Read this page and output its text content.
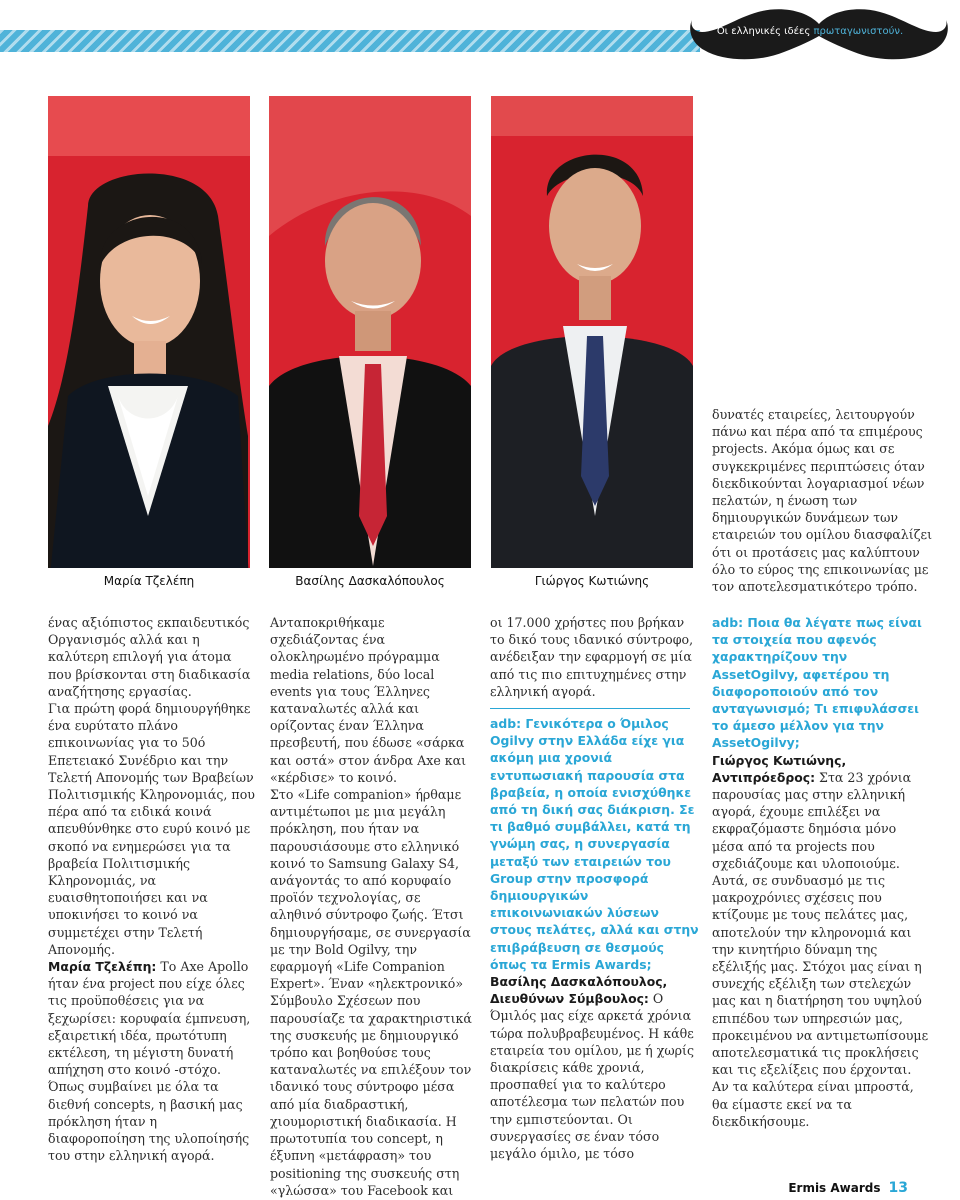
Οι ελληνικές ιδέες πρωταγωνιστούν.
Μαρία Τζελέπη	Βασίλης Δασκαλόπουλος	Γιώργος Κωτιώνης

δυνατές εταιρείες, λειτουργούν πάνω και πέρα από τα επιμέρους projects. Ακόμα όμως και σε συγκεκριμένες περιπτώσεις όταν διεκδικούνται λογαριασμοί νέων πελατών, η ένωση των δημιουργικών δυνάμεων των εταιρειών του ομίλου διασφαλίζει ότι οι προτάσεις μας καλύπτουν όλο το εύρος της επικοινωνίας με τον αποτελεσματικότερο τρόπο.

ένας αξιόπιστος εκπαιδευτικός Οργανισμός αλλά και η καλύτερη επιλογή για άτομα που βρίσκονται στη διαδικασία αναζήτησης εργασίας.

Για πρώτη φορά δημιουργήθηκε ένα ευρύτατο πλάνο επικοινωνίας για το 50ό Επετειακό Συνέδριο και την Τελετή Απονομής των Βραβείων Πολιτισμικής Κληρονομιάς, που πέρα από τα ειδικά κοινά απευθύνθηκε στο ευρύ κοινό με σκοπό να ενημερώσει για τα βραβεία Πολιτισμικής Κληρονομιάς, να ευαισθητοποιήσει και να υποκινήσει το κοινό να συμμετέχει στην Τελετή Απονομής.

Μαρία Τζελέπη: Το Axe Apollo ήταν ένα project που είχε όλες τις προϋποθέσεις για να ξεχωρίσει: κορυφαία έμπνευση, εξαιρετική ιδέα, πρωτότυπη εκτέλεση, τη μέγιστη δυνατή απήχηση στο κοινό -στόχο. Όπως συμβαίνει με όλα τα διεθνή concepts, η βασική μας πρόκληση ήταν η διαφοροποίηση της υλοποίησής του στην ελληνική αγορά.

Ανταποκριθήκαμε σχεδιάζοντας ένα ολοκληρωμένο πρόγραμμα media relations, δύο local events για τους Έλληνες καταναλωτές αλλά και ορίζοντας έναν Έλληνα πρεσβευτή, που έδωσε «σάρκα και οστά» στον άνδρα Axe και «κέρδισε» το κοινό.

Στο «Life companion» ήρθαμε αντιμέτωποι με μια μεγάλη πρόκληση, που ήταν να παρουσιάσουμε στο ελληνικό κοινό το Samsung Galaxy S4, ανάγοντάς το από κορυφαίο προϊόν τεχνολογίας, σε αληθινό σύντροφο ζωής. Έτσι δημιουργήσαμε, σε συνεργασία με την Bold Ogilvy, την εφαρμογή «Life Companion Expert». Έναν «ηλεκτρονικό» Σύμβουλο Σχέσεων που παρουσίαζε τα χαρακτηριστικά της συσκευής με δημιουργικό τρόπο και βοηθούσε τους καταναλωτές να επιλέξουν τον ιδανικό τους σύντροφο μέσα από μία διαδραστική, χιουμοριστική διαδικασία. Η πρωτοτυπία του concept, η έξυπνη «μετάφραση» του positioning της συσκευής στη «γλώσσα» του Facebook και

οι 17.000 χρήστες που βρήκαν το δικό τους ιδανικό σύντροφο, ανέδειξαν την εφαρμογή σε μία από τις πιο επιτυχημένες στην ελληνική αγορά.

adb: Γενικότερα ο Όμιλος Ogilvy στην Ελλάδα είχε για ακόμη μια χρονιά εντυπωσιακή παρουσία στα βραβεία, η οποία ενισχύθηκε από τη δική σας διάκριση. Σε τι βαθμό συμβάλλει, κατά τη γνώμη σας, η συνεργασία μεταξύ των εταιρειών του Group στην προσφορά δημιουργικών επικοινωνιακών λύσεων στους πελάτες, αλλά και στην επιβράβευση σε θεσμούς όπως τα Ermis Awards;

Βασίλης Δασκαλόπουλος, Διευθύνων Σύμβουλος: Ο Όμιλός μας είχε αρκετά χρόνια τώρα πολυβραβευμένος. Η κάθε εταιρεία του ομίλου, με ή χωρίς διακρίσεις κάθε χρονιά, προσπαθεί για το καλύτερο αποτέλεσμα των πελατών που την εμπιστεύονται. Οι συνεργασίες σε έναν τόσο μεγάλο όμιλο, με τόσο

adb: Ποια θα λέγατε πως είναι τα στοιχεία που αφενός χαρακτηρίζουν την AssetOgilvy, αφετέρου τη διαφοροποιούν από τον ανταγωνισμό; Τι επιφυλάσσει το άμεσο μέλλον για την AssetOgilvy;

Γιώργος Κωτιώνης, Αντιπρόεδρος: Στα 23 χρόνια παρουσίας μας στην ελληνική αγορά, έχουμε επιλέξει να εκφραζόμαστε δημόσια μόνο μέσα από τα projects που σχεδιάζουμε και υλοποιούμε.

Αυτά, σε συνδυασμό με τις μακροχρόνιες σχέσεις που κτίζουμε με τους πελάτες μας, αποτελούν την κληρονομιά και την κινητήριο δύναμη της εξέλιξής μας. Στόχοι μας είναι η συνεχής εξέλιξη των στελεχών μας και η διατήρηση του υψηλού επιπέδου των υπηρεσιών μας, προκειμένου να αντιμετωπίσουμε αποτελεσματικά τις προκλήσεις και τις εξελίξεις που έρχονται.

Αν τα καλύτερα είναι μπροστά, θα είμαστε εκεί να τα διεκδικήσουμε.

Ermis Awards 13
